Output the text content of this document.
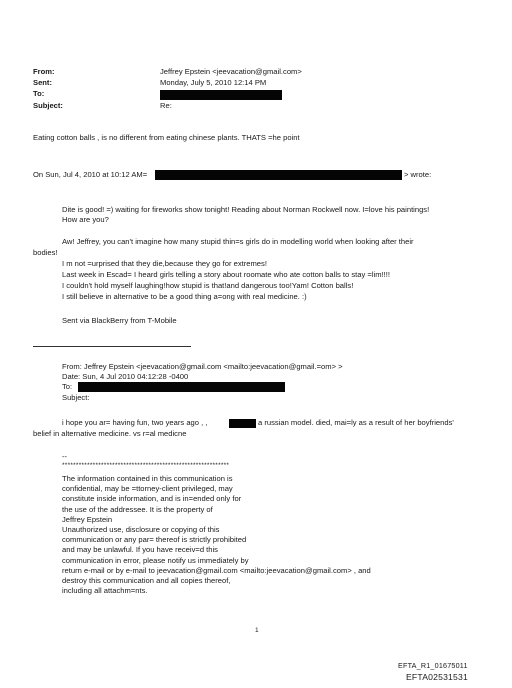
From:	Jeffrey Epstein <jeevacation@gmail.com>
Sent:	Monday, July 5, 2010 12:14 PM
To:
Subject:	Re:
Eating cotton balls , is no different from eating chinese plants. THATS =he point
On Sun, Jul 4, 2010 at 10:12 AM=	> wrote:
Dite is good! =) waiting for fireworks show tonight! Reading about Norman Rockwell now. I=love his paintings!
How are you?
Aw! Jeffrey, you can't imagine how many stupid thin=s girls do in modelling world when looking after their
bodies!
I m not =urprised that they die,because they go for extremes!
Last week in Escad= I heard girls telling a story about roomate who ate cotton balls to stay =lim!!!!
I couldn't hold myself laughing!how stupid is that!and dangerous too!Yam! Cotton balls!
I still believe in alternative to be a good thing a=ong with real medicine. :)
Sent via BlackBerry from T-Mobile
From: Jeffrey Epstein <jeevacation@gmail.com <mailto:jeevacation@gmail.=om> >
Date: Sun, 4 Jul 2010 04:12:28 -0400
To:
Subject:
i hope you ar= having fun, two years ago , ,	a russian model. died, mai=ly as a result of her boyfriends'
belief in alternative medicine. vs r=al medicne
--
************************************************************
The information contained in this communication is
confidential, may be =ttorney-client privileged, may
constitute inside information, and is in=ended only for
the use of the addressee. It is the property of
Jeffrey Epstein
Unauthorized use, disclosure or copying of this
communication or any par= thereof is strictly prohibited
and may be unlawful. If you have receiv=d this
communication in error, please notify us immediately by
return e-mail or by e-mail to jeevacation@gmail.com <mailto:jeevacation@gmail.com> , and
destroy this communication and all copies thereof,
including all attachm=nts.
1
EFTA_R1_01675011
EFTA02531531
